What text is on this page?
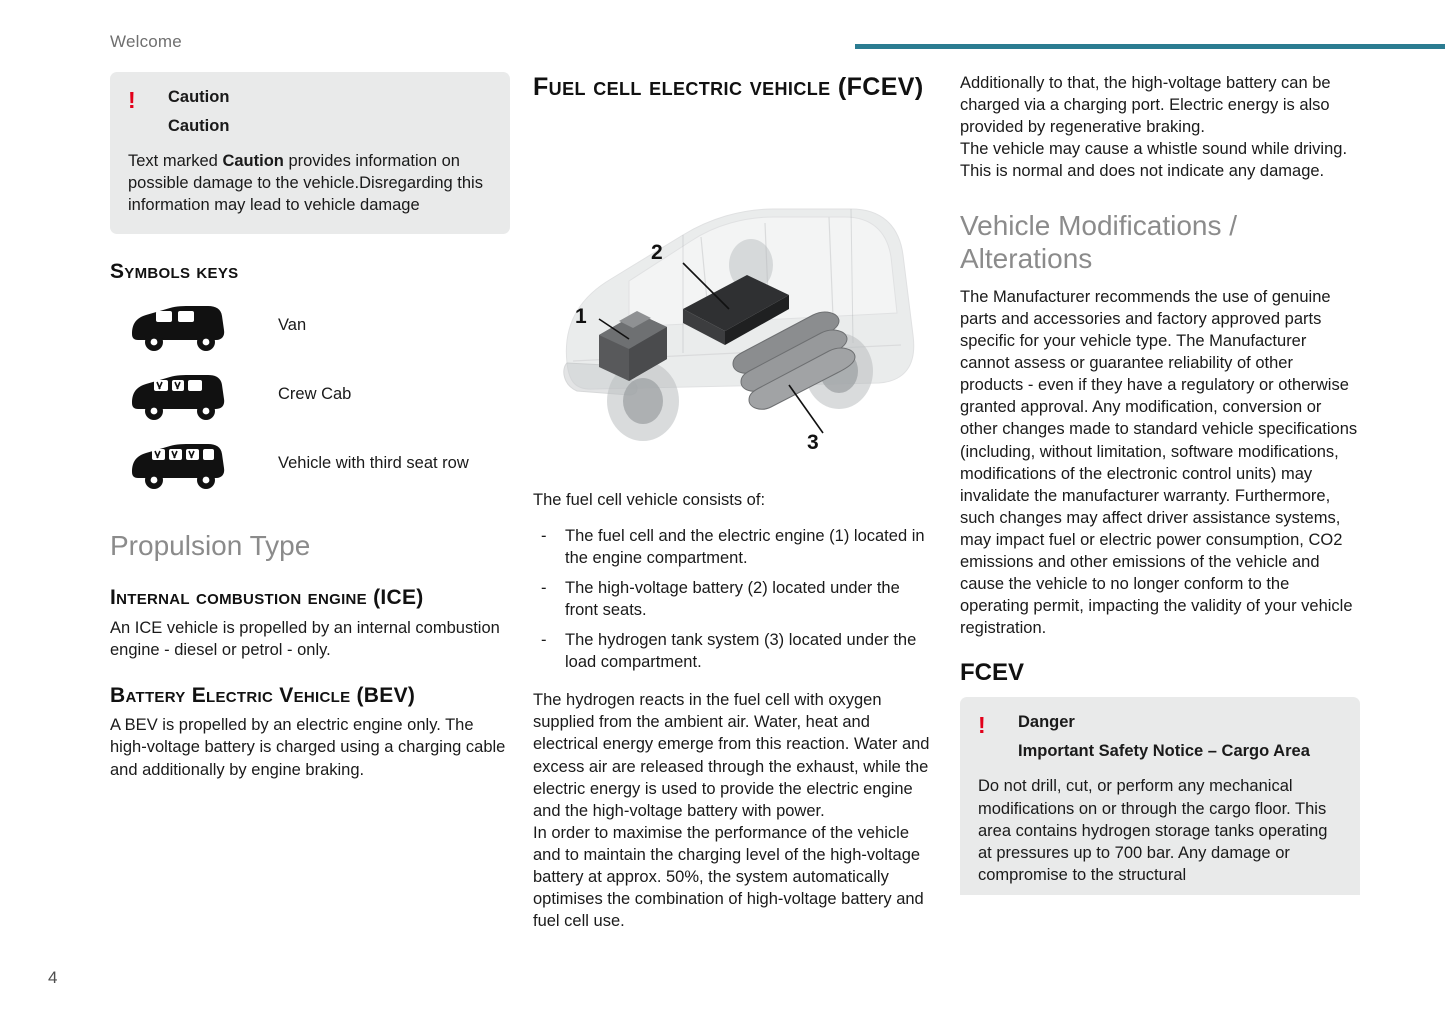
Welcome
4
! Caution
Caution

Text marked Caution provides information on possible damage to the vehicle.Disregarding this information may lead to vehicle damage

Symbols keys
Van
Crew Cab
Vehicle with third seat row
Propulsion Type
Internal combustion engine (ICE)

An ICE vehicle is propelled by an internal combustion engine - diesel or petrol - only.

Battery Electric Vehicle (BEV)

A BEV is propelled by an electric engine only. The high-voltage battery is charged using a charging cable and additionally by engine braking.

Fuel cell electric vehicle (FCEV)
1
2
3

The fuel cell vehicle consists of:

- The fuel cell and the electric engine (1) located in the engine compartment.
- The high-voltage battery (2) located under the front seats.
- The hydrogen tank system (3) located under the load compartment.

The hydrogen reacts in the fuel cell with oxygen supplied from the ambient air. Water, heat and electrical energy emerge from this reaction. Water and excess air are released through the exhaust, while the electric energy is used to provide the electric engine and the high-voltage battery with power.

In order to maximise the performance of the vehicle and to maintain the charging level of the high-voltage battery at approx. 50%, the system automatically optimises the combination of high-voltage battery and fuel cell use.

Additionally to that, the high-voltage battery can be charged via a charging port. Electric energy is also provided by regenerative braking.

The vehicle may cause a whistle sound while driving. This is normal and does not indicate any damage.

Vehicle Modifications / Alterations

The Manufacturer recommends the use of genuine parts and accessories and factory approved parts specific for your vehicle type. The Manufacturer cannot assess or guarantee reliability of other products - even if they have a regulatory or otherwise granted approval. Any modification, conversion or other changes made to standard vehicle specifications (including, without limitation, software modifications, modifications of the electronic control units) may invalidate the manufacturer warranty. Furthermore, such changes may affect driver assistance systems, may impact fuel or electric power consumption, CO2 emissions and other emissions of the vehicle and cause the vehicle to no longer conform to the operating permit, impacting the validity of your vehicle registration.

FCEV
! Danger
Important Safety Notice – Cargo Area

Do not drill, cut, or perform any mechanical modifications on or through the cargo floor. This area contains hydrogen storage tanks operating at pressures up to 700 bar. Any damage or compromise to the structural
